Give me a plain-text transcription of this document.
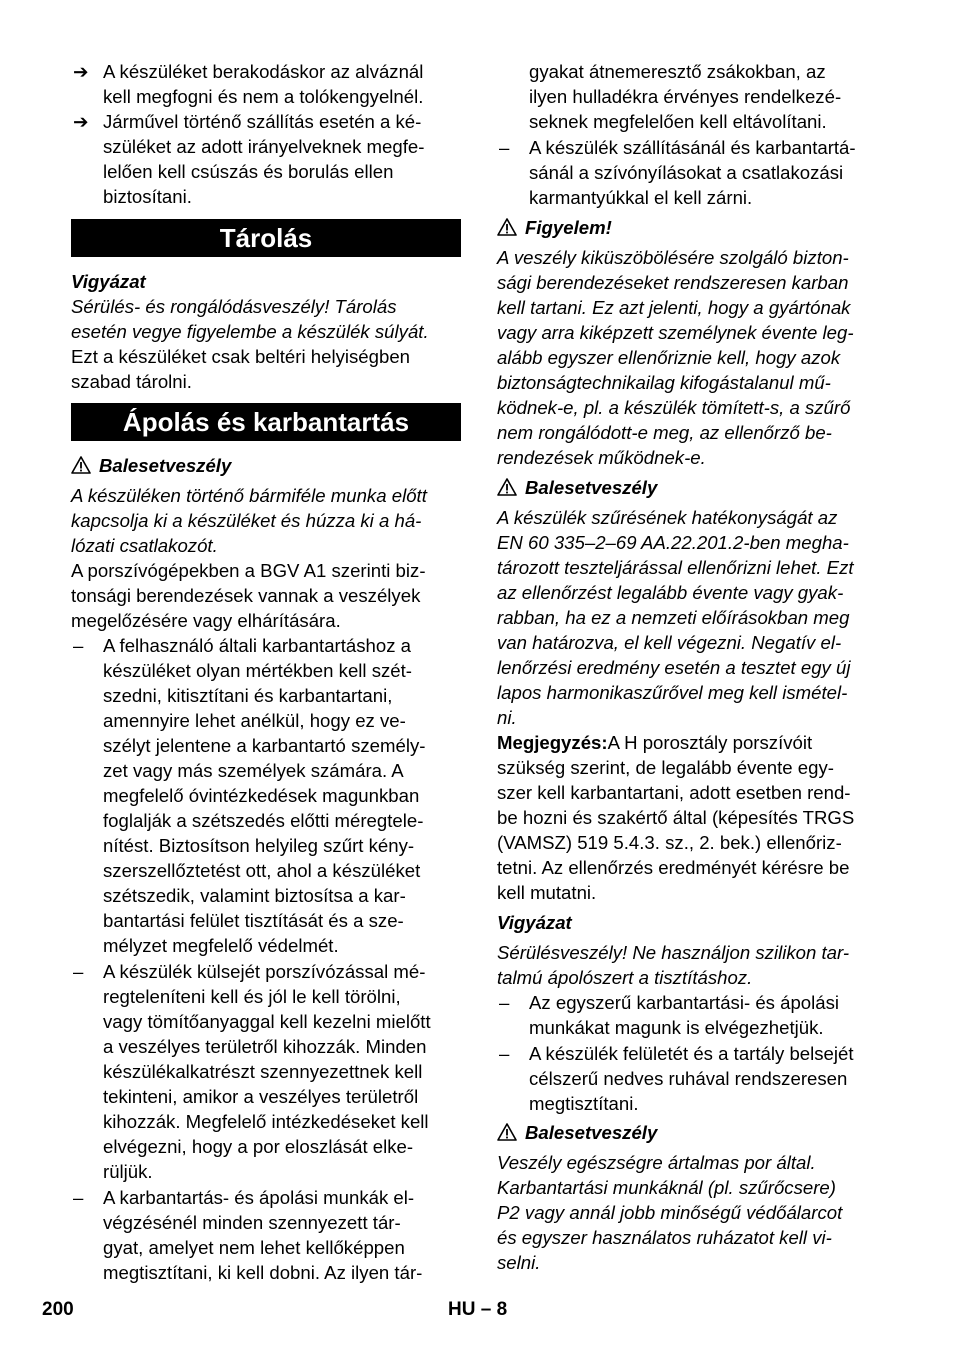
➔ A készüléket berakodáskor az alváznál
kell megfogni és nem a tolókengyelnél.
➔ Járművel történő szállítás esetén a ké-
szüléket az adott irányelveknek megfe-
lelően kell csúszás és borulás ellen
biztosítani.
Tárolás
Vigyázat
Sérülés- és rongálódásveszély! Tárolás
esetén vegye figyelembe a készülék súlyát.
Ezt a készüléket csak beltéri helyiségben
szabad tárolni.
Ápolás és karbantartás
Balesetveszély
A készüléken történő bármiféle munka előtt
kapcsolja ki a készüléket és húzza ki a há-
lózati csatlakozót.
A porszívógépekben a BGV A1 szerinti biz-
tonsági berendezések vannak a veszélyek
megelőzésére vagy elhárítására.
– A felhasználó általi karbantartáshoz a
készüléket olyan mértékben kell szét-
szedni, kitisztítani és karbantartani,
amennyire lehet anélkül, hogy ez ve-
szélyt jelentene a karbantartó személy-
zet vagy más személyek számára. A
megfelelő óvintézkedések magunkban
foglalják a szétszedés előtti méregtele-
nítést. Biztosítson helyileg szűrt kény-
szerszellőztetést ott, ahol a készüléket
szétszedik, valamint biztosítsa a kar-
bantartási felület tisztítását és a sze-
mélyzet megfelelő védelmét.
– A készülék külsejét porszívózással mé-
regteleníteni kell és jól le kell törölni,
vagy tömítőanyaggal kell kezelni mielőtt
a veszélyes területről kihozzák. Minden
készülékalkatrészt szennyezettnek kell
tekinteni, amikor a veszélyes területről
kihozzák. Megfelelő intézkedéseket kell
elvégezni, hogy a por eloszlását elke-
rüljük.
– A karbantartás- és ápolási munkák el-
végzésénél minden szennyezett tár-
gyat, amelyet nem lehet kellőképpen
megtisztítani, ki kell dobni. Az ilyen tár-
gyakat átnemeresztő zsákokban, az
ilyen hulladékra érvényes rendelkezé-
seknek megfelelően kell eltávolítani.
– A készülék szállításánál és karbantartá-
sánál a szívónyílásokat a csatlakozási
karmantyúkkal el kell zárni.
Figyelem!
A veszély kiküszöbölésére szolgáló bizton-
sági berendezéseket rendszeresen karban
kell tartani. Ez azt jelenti, hogy a gyártónak
vagy arra kiképzett személynek évente leg-
alább egyszer ellenőriznie kell, hogy azok
biztonságtechnikailag kifogástalanul mű-
ködnek-e, pl. a készülék tömített-s, a szűrő
nem rongálódott-e meg, az ellenőrző be-
rendezések működnek-e.
Balesetveszély
A készülék szűrésének hatékonyságát az
EN 60 335–2–69 AA.22.201.2-ben megha-
tározott teszteljárással ellenőrizni lehet. Ezt
az ellenőrzést legalább évente vagy gyak-
rabban, ha ez a nemzeti előírásokban meg
van határozva, el kell végezni. Negatív el-
lenőrzési eredmény esetén a tesztet egy új
lapos harmonikaszűrővel meg kell ismétel-
ni.
Megjegyzés:A H porosztály porszívóit
szükség szerint, de legalább évente egy-
szer kell karbantartani, adott esetben rend-
be hozni és szakértő által (képesítés TRGS
(VAMSZ) 519 5.4.3. sz., 2. bek.) ellenőriz-
tetni. Az ellenőrzés eredményét kérésre be
kell mutatni.
Vigyázat
Sérülésveszély! Ne használjon szilikon tar-
talmú ápolószert a tisztításhoz.
– Az egyszerű karbantartási- és ápolási
munkákat magunk is elvégezhetjük.
– A készülék felületét és a tartály belsejét
célszerű nedves ruhával rendszeresen
megtisztítani.
Balesetveszély
Veszély egészségre ártalmas por által.
Karbantartási munkáknál (pl. szűrőcsere)
P2 vagy annál jobb minőségű védőálarcot
és egyszer használatos ruházatot kell vi-
selni.
200	HU – 8
